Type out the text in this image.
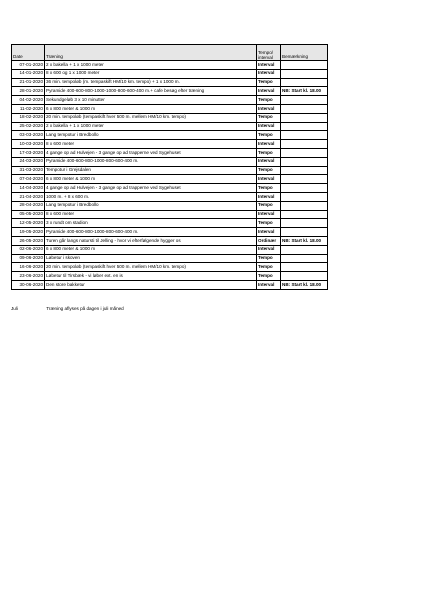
Date	Træning	Tempo/ interval	Bemærkning
07-01-2020	2 x bakella + 1 x 1000 meter	Interval	
14-01-2020	8 x 600 og 1 x 1000 meter	Interval	
21-01-2020	36 min. tempoløb (m. tempaskift HM/10 km. tempo) + 1 x 1000 m.	Tempo	
28-01-2020	Pyramide 400-600-800-1000-1000-800-600-400 m.+ cafe besøg efter træning	Interval	NB: Start kl. 18.00
04-02-2020	Sekundgeløb 3 x 10 minutter	Tempo	
11-02-2020	6 x 800 meter & 1000 m	Interval	
18-02-2020	20 min. tempoløb (tempaskift hver 500 m. mellem HM/10 km. tempo)	Tempo	
25-02-2020	2 x bakella + 1 x 1000 meter	Interval	
03-03-2020	Lang tempotur i Bredbollo	Tempo	
10-03-2020	8 x 600 meter	Interval	
17-03-2020	4 gange op ad Hulvejen - 3 gange op ad trapperne ved Sygehuset	Tempo	
24-03-2020	Pyramide 400-600-800-1000-800-600-400 m.	Interval	
31-03-2020	Tempotur i Grejsdalen	Tempo	
07-04-2020	6 x 800 meter & 1000 m	Interval	
14-04-2020	4 gange op ad Hulvejen - 3 gange op ad trapperne ved Sygehuset	Tempo	
21-04-2020	1000 m. + 8 x 600 m.	Interval	
28-04-2020	Lang tempotur i Bredbollo	Tempo	
05-05-2020	8 x 600 meter	Interval	
12-05-2020	3 x rundt om stadion	Tempo	
19-05-2020	Pyramide 400-600-800-1000-800-600-400 m.	Interval	
26-05-2020	Turen går langs natursti til Jelling - hvor vi efterfølgende hygger os	Ordinær	NB: Start kl. 18.00
02-06-2020	6 x 800 meter & 1000 m	Interval	
09-06-2020	Løbetur i skoven	Tempo	
16-06-2020	20 min. tempoløb (tempaskift hver 500 m. mellem HM/10 km. tempo)	Tempo	
23-06-2020	Løbetur til Tirsbæk - vi løber ext. en is	Tempo	
30-06-2020	Den store bakketur	Interval	NB: Start kl. 18.00
Juli	Træning aflyses på dagen i juli måned
